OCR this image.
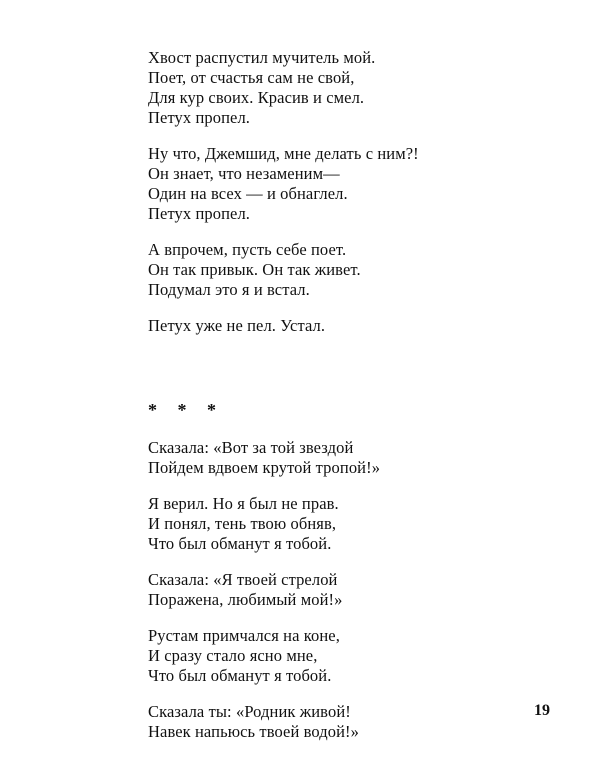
Хвост распустил мучитель мой.
Поет, от счастья сам не свой,
Для кур своих. Красив и смел.
Петух пропел.
Ну что, Джемшид, мне делать с ним?!
Он знает, что незаменим—
Один на всех — и обнаглел.
Петух пропел.
А впрочем, пусть себе поет.
Он так привык. Он так живет.
Подумал это я и встал.
Петух уже не пел. Устал.
* * *
Сказала: «Вот за той звездой
Пойдем вдвоем крутой тропой!»
Я верил. Но я был не прав.
И понял, тень твою обняв,
Что был обманут я тобой.
Сказала: «Я твоей стрелой
Поражена, любимый мой!»
Рустам примчался на коне,
И сразу стало ясно мне,
Что был обманут я тобой.
Сказала ты: «Родник живой!
Навек напьюсь твоей водой!»
19
